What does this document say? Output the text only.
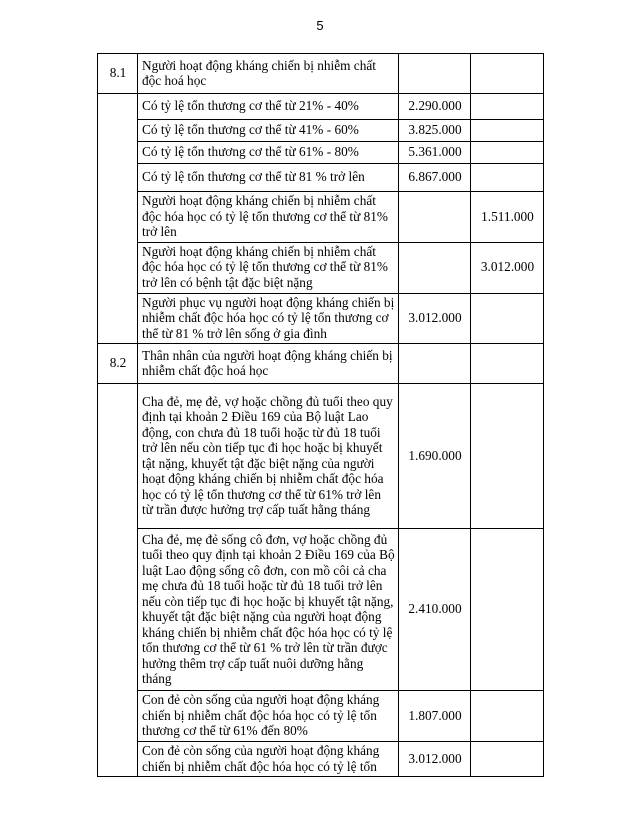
5
8.1	Người hoạt động kháng chiến bị nhiễm chất độc hoá học		
	Có tỷ lệ tổn thương cơ thể từ 21% - 40%	2.290.000	
	Có tỷ lệ tổn thương cơ thể từ 41% - 60%	3.825.000	
	Có tỷ lệ tổn thương cơ thể từ 61% - 80%	5.361.000	
	Có tỷ lệ tổn thương cơ thể từ 81 % trở lên	6.867.000	
	Người hoạt động kháng chiến bị nhiễm chất độc hóa học có tỷ lệ tổn thương cơ thể từ 81% trở lên		1.511.000
	Người hoạt động kháng chiến bị nhiễm chất độc hóa học có tỷ lệ tổn thương cơ thể từ 81% trở lên có bệnh tật đặc biệt nặng		3.012.000
	Người phục vụ người hoạt động kháng chiến bị nhiễm chất độc hóa học có tỷ lệ tổn thương cơ thể từ 81 % trở lên sống ở gia đình	3.012.000	
8.2	Thân nhân của người hoạt động kháng chiến bị nhiễm chất độc hoá học		
	Cha đẻ, mẹ đẻ, vợ hoặc chồng đủ tuổi theo quy định tại khoản 2 Điều 169 của Bộ luật Lao động, con chưa đủ 18 tuổi hoặc từ đủ 18 tuổi trở lên nếu còn tiếp tục đi học hoặc bị khuyết tật nặng, khuyết tật đặc biệt nặng của người hoạt động kháng chiến bị nhiễm chất độc hóa học có tỷ lệ tổn thương cơ thể từ 61% trở lên từ trần được hưởng trợ cấp tuất hằng tháng	1.690.000	
	Cha đẻ, mẹ đẻ sống cô đơn, vợ hoặc chồng đủ tuổi theo quy định tại khoản 2 Điều 169 của Bộ luật Lao động sống cô đơn, con mồ côi cả cha mẹ chưa đủ 18 tuổi hoặc từ đủ 18 tuổi trở lên nếu còn tiếp tục đi học hoặc bị khuyết tật nặng, khuyết tật đặc biệt nặng của người hoạt động kháng chiến bị nhiễm chất độc hóa học có tỷ lệ tổn thương cơ thể từ 61 % trở lên từ trần được hưởng thêm trợ cấp tuất nuôi dưỡng hằng tháng	2.410.000	
	Con đẻ còn sống của người hoạt động kháng chiến bị nhiễm chất độc hóa học có tỷ lệ tổn thương cơ thể từ 61% đến 80%	1.807.000	
	Con đẻ còn sống của người hoạt động kháng chiến bị nhiễm chất độc hóa học có tỷ lệ tổn	3.012.000	
